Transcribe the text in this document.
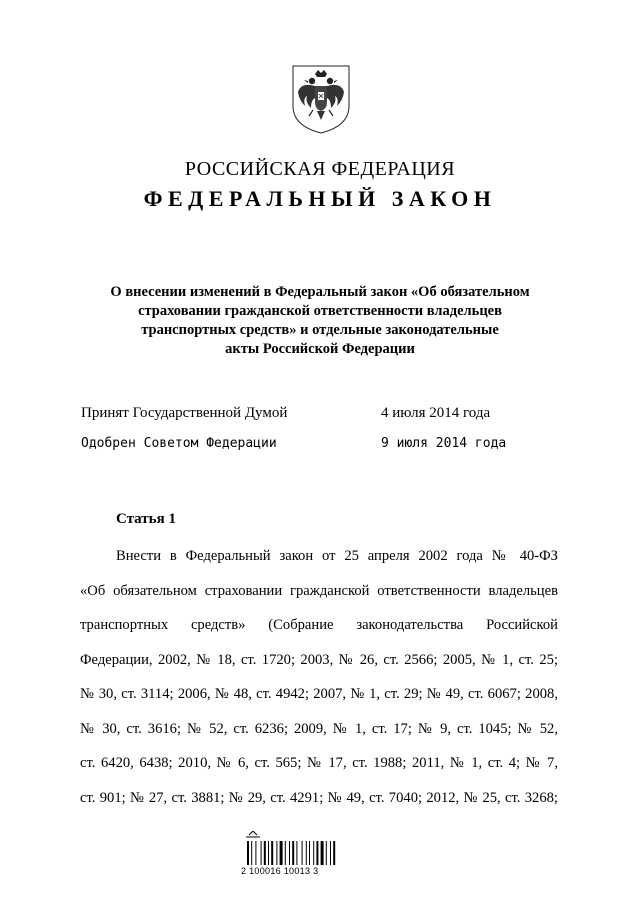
РОССИЙСКАЯ ФЕДЕРАЦИЯ
ФЕДЕРАЛЬНЫЙ ЗАКОН
О внесении изменений в Федеральный закон «Об обязательном
страховании гражданской ответственности владельцев
транспортных средств» и отдельные законодательные
акты Российской Федерации
Принят Государственной Думой	4 июля 2014 года
Одобрен Советом Федерации	9 июля 2014 года
Статья 1
Внести в Федеральный закон от 25 апреля 2002 года № 40-ФЗ
«Об обязательном страховании гражданской ответственности владельцев
транспортных средств» (Собрание законодательства Российской
Федерации, 2002, № 18, ст. 1720; 2003, № 26, ст. 2566; 2005, № 1, ст. 25;
№ 30, ст. 3114; 2006, № 48, ст. 4942; 2007, № 1, ст. 29; № 49, ст. 6067; 2008,
№ 30, ст. 3616; № 52, ст. 6236; 2009, № 1, ст. 17; № 9, ст. 1045; № 52,
ст. 6420, 6438; 2010, № 6, ст. 565; № 17, ст. 1988; 2011, № 1, ст. 4; № 7,
ст. 901; № 27, ст. 3881; № 29, ст. 4291; № 49, ст. 7040; 2012, № 25, ст. 3268;
2 100016 10013 3
